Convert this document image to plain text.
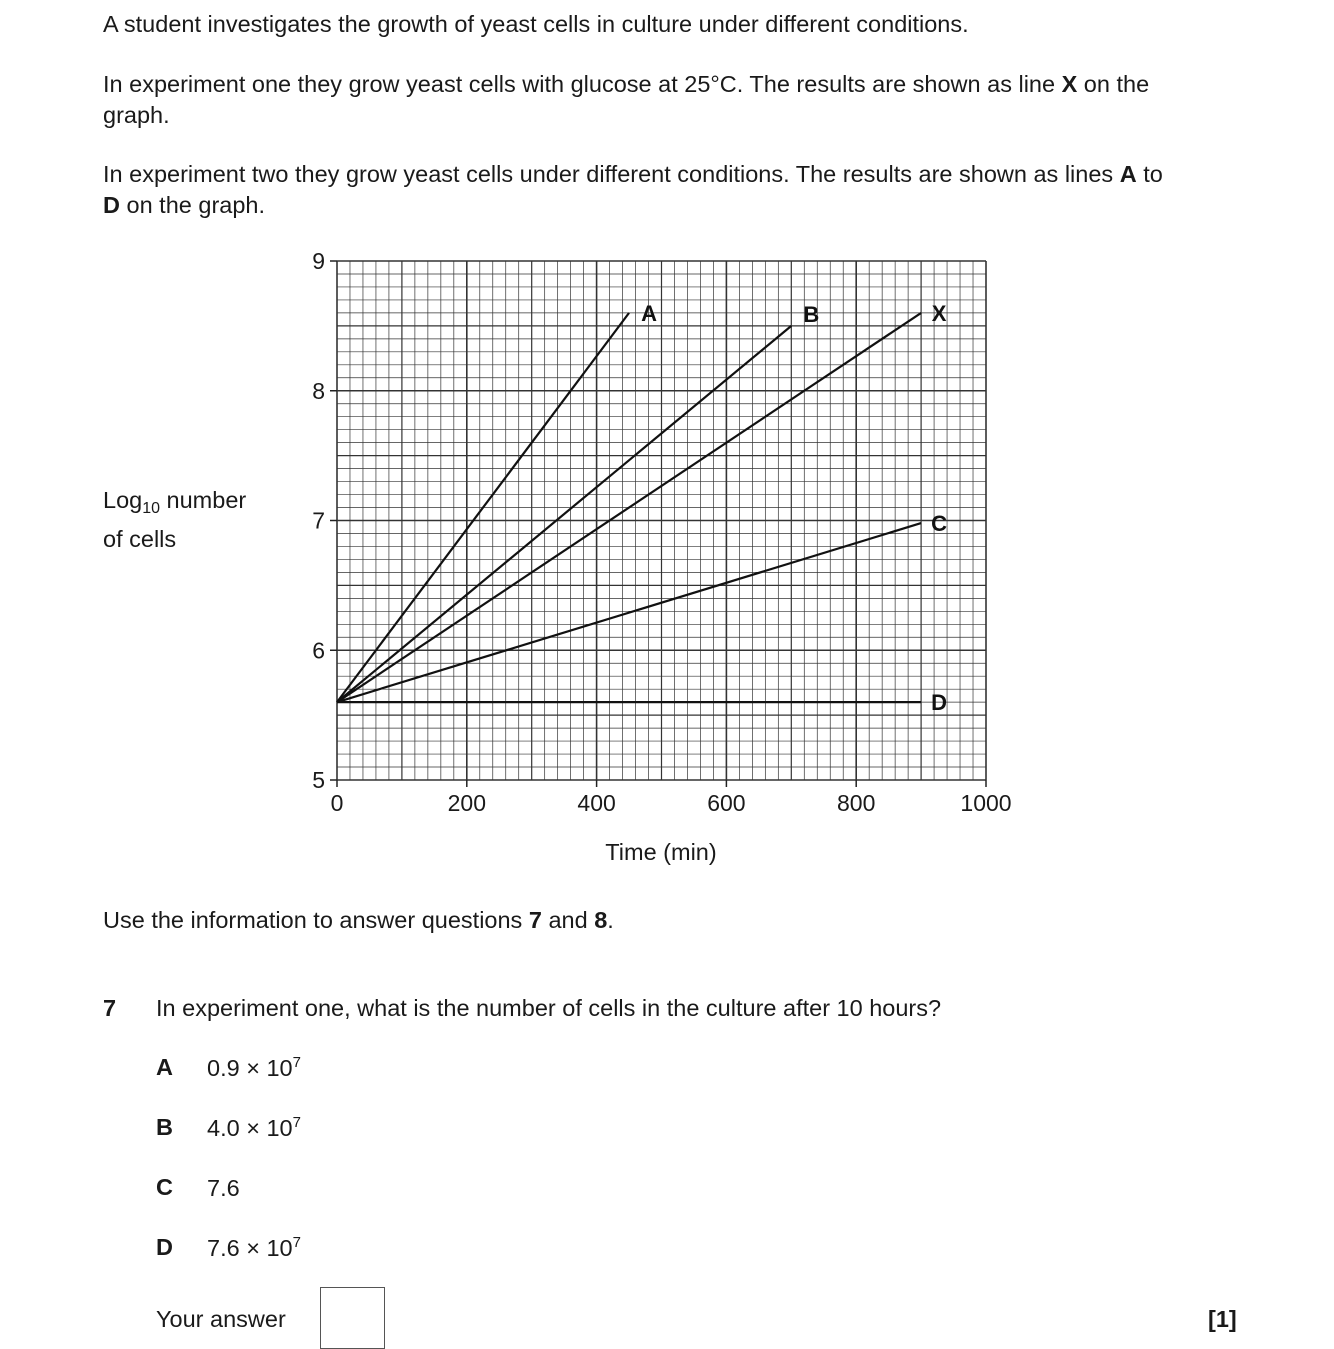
A student investigates the growth of yeast cells in culture under different conditions.

In experiment one they grow yeast cells with glucose at 25°C. The results are shown as line X on the
graph.

In experiment two they grow yeast cells under different conditions. The results are shown as lines A to
D on the graph.

Log$_{10}$ number
of cells
0	200	400	600	800	1000
5
6
7
8
9
Time (min)
A	B	X
C
D

Use the information to answer questions 7 and 8.

7 In experiment one, what is the number of cells in the culture after 10 hours?
A $0.9 \times 10^7$
B $4.0 \times 10^7$
C 7.6
D $7.6 \times 10^7$
Your answer	[1]
